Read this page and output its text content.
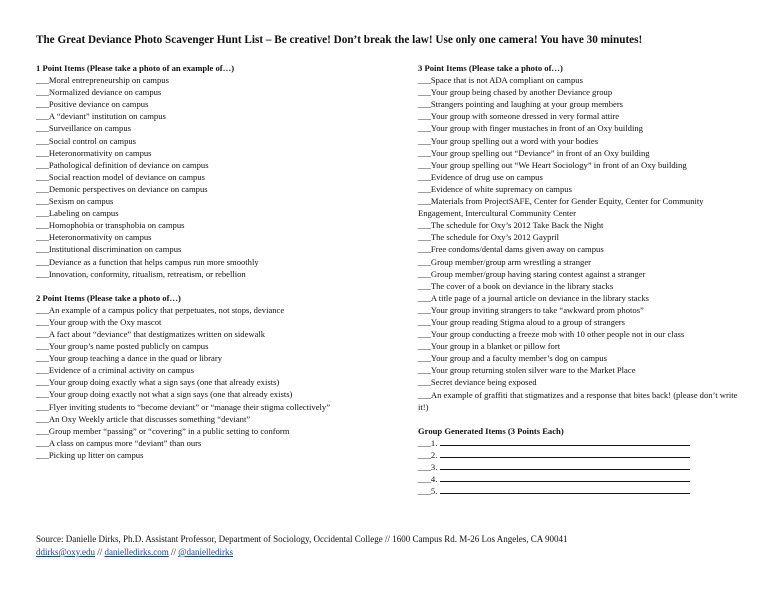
The Great Deviance Photo Scavenger Hunt List – Be creative! Don’t break the law! Use only one camera! You have 30 minutes!
1 Point Items (Please take a photo of an example of…)
___Moral entrepreneurship on campus
___Normalized deviance on campus
___Positive deviance on campus
___A “deviant” institution on campus
___Surveillance on campus
___Social control on campus
___Heteronormativity on campus
___Pathological definition of deviance on campus
___Social reaction model of deviance on campus
___Demonic perspectives on deviance on campus
___Sexism on campus
___Labeling on campus
___Homophobia or transphobia on campus
___Heteronormativity on campus
___Institutional discrimination on campus
___Deviance as a function that helps campus run more smoothly
___Innovation, conformity, ritualism, retreatism, or rebellion
2 Point Items (Please take a photo of…)
___An example of a campus policy that perpetuates, not stops, deviance
___Your group with the Oxy mascot
___A fact about “deviance” that destigmatizes written on sidewalk
___Your group’s name posted publicly on campus
___Your group teaching a dance in the quad or library
___Evidence of a criminal activity on campus
___Your group doing exactly what a sign says (one that already exists)
___Your group doing exactly not what a sign says (one that already exists)
___Flyer inviting students to “become deviant” or “manage their stigma collectively”
___An Oxy Weekly article that discusses something “deviant”
___Group member “passing” or “covering” in a public setting to conform
___A class on campus more “deviant” than ours
___Picking up litter on campus
3 Point Items (Please take a photo of…)
___Space that is not ADA compliant on campus
___Your group being chased by another Deviance group
___Strangers pointing and laughing at your group members
___Your group with someone dressed in very formal attire
___Your group with finger mustaches in front of an Oxy building
___Your group spelling out a word with your bodies
___Your group spelling out “Deviance” in front of an Oxy building
___Your group spelling out “We Heart Sociology” in front of an Oxy building
___Evidence of drug use on campus
___Evidence of white supremacy on campus
___Materials from ProjectSAFE, Center for Gender Equity, Center for Community Engagement, Intercultural Community Center
___The schedule for Oxy’s 2012 Take Back the Night
___The schedule for Oxy’s 2012 Gaypril
___Free condoms/dental dams given away on campus
___Group member/group arm wrestling a stranger
___Group member/group having staring contest against a stranger
___The cover of a book on deviance in the library stacks
___A title page of a journal article on deviance in the library stacks
___Your group inviting strangers to take “awkward prom photos”
___Your group reading Stigma aloud to a group of strangers
___Your group conducting a freeze mob with 10 other people not in our class
___Your group in a blanket or pillow fort
___Your group and a faculty member’s dog on campus
___Your group returning stolen silver ware to the Market Place
___Secret deviance being exposed
___An example of graffiti that stigmatizes and a response that bites back! (please don’t write it!)
Group Generated Items (3 Points Each)
___1.
___2.
___3.
___4.
___5.
Source: Danielle Dirks, Ph.D. Assistant Professor, Department of Sociology, Occidental College // 1600 Campus Rd. M-26 Los Angeles, CA 90041
ddirks@oxy.edu // danielledirks.com // @danielledirks
